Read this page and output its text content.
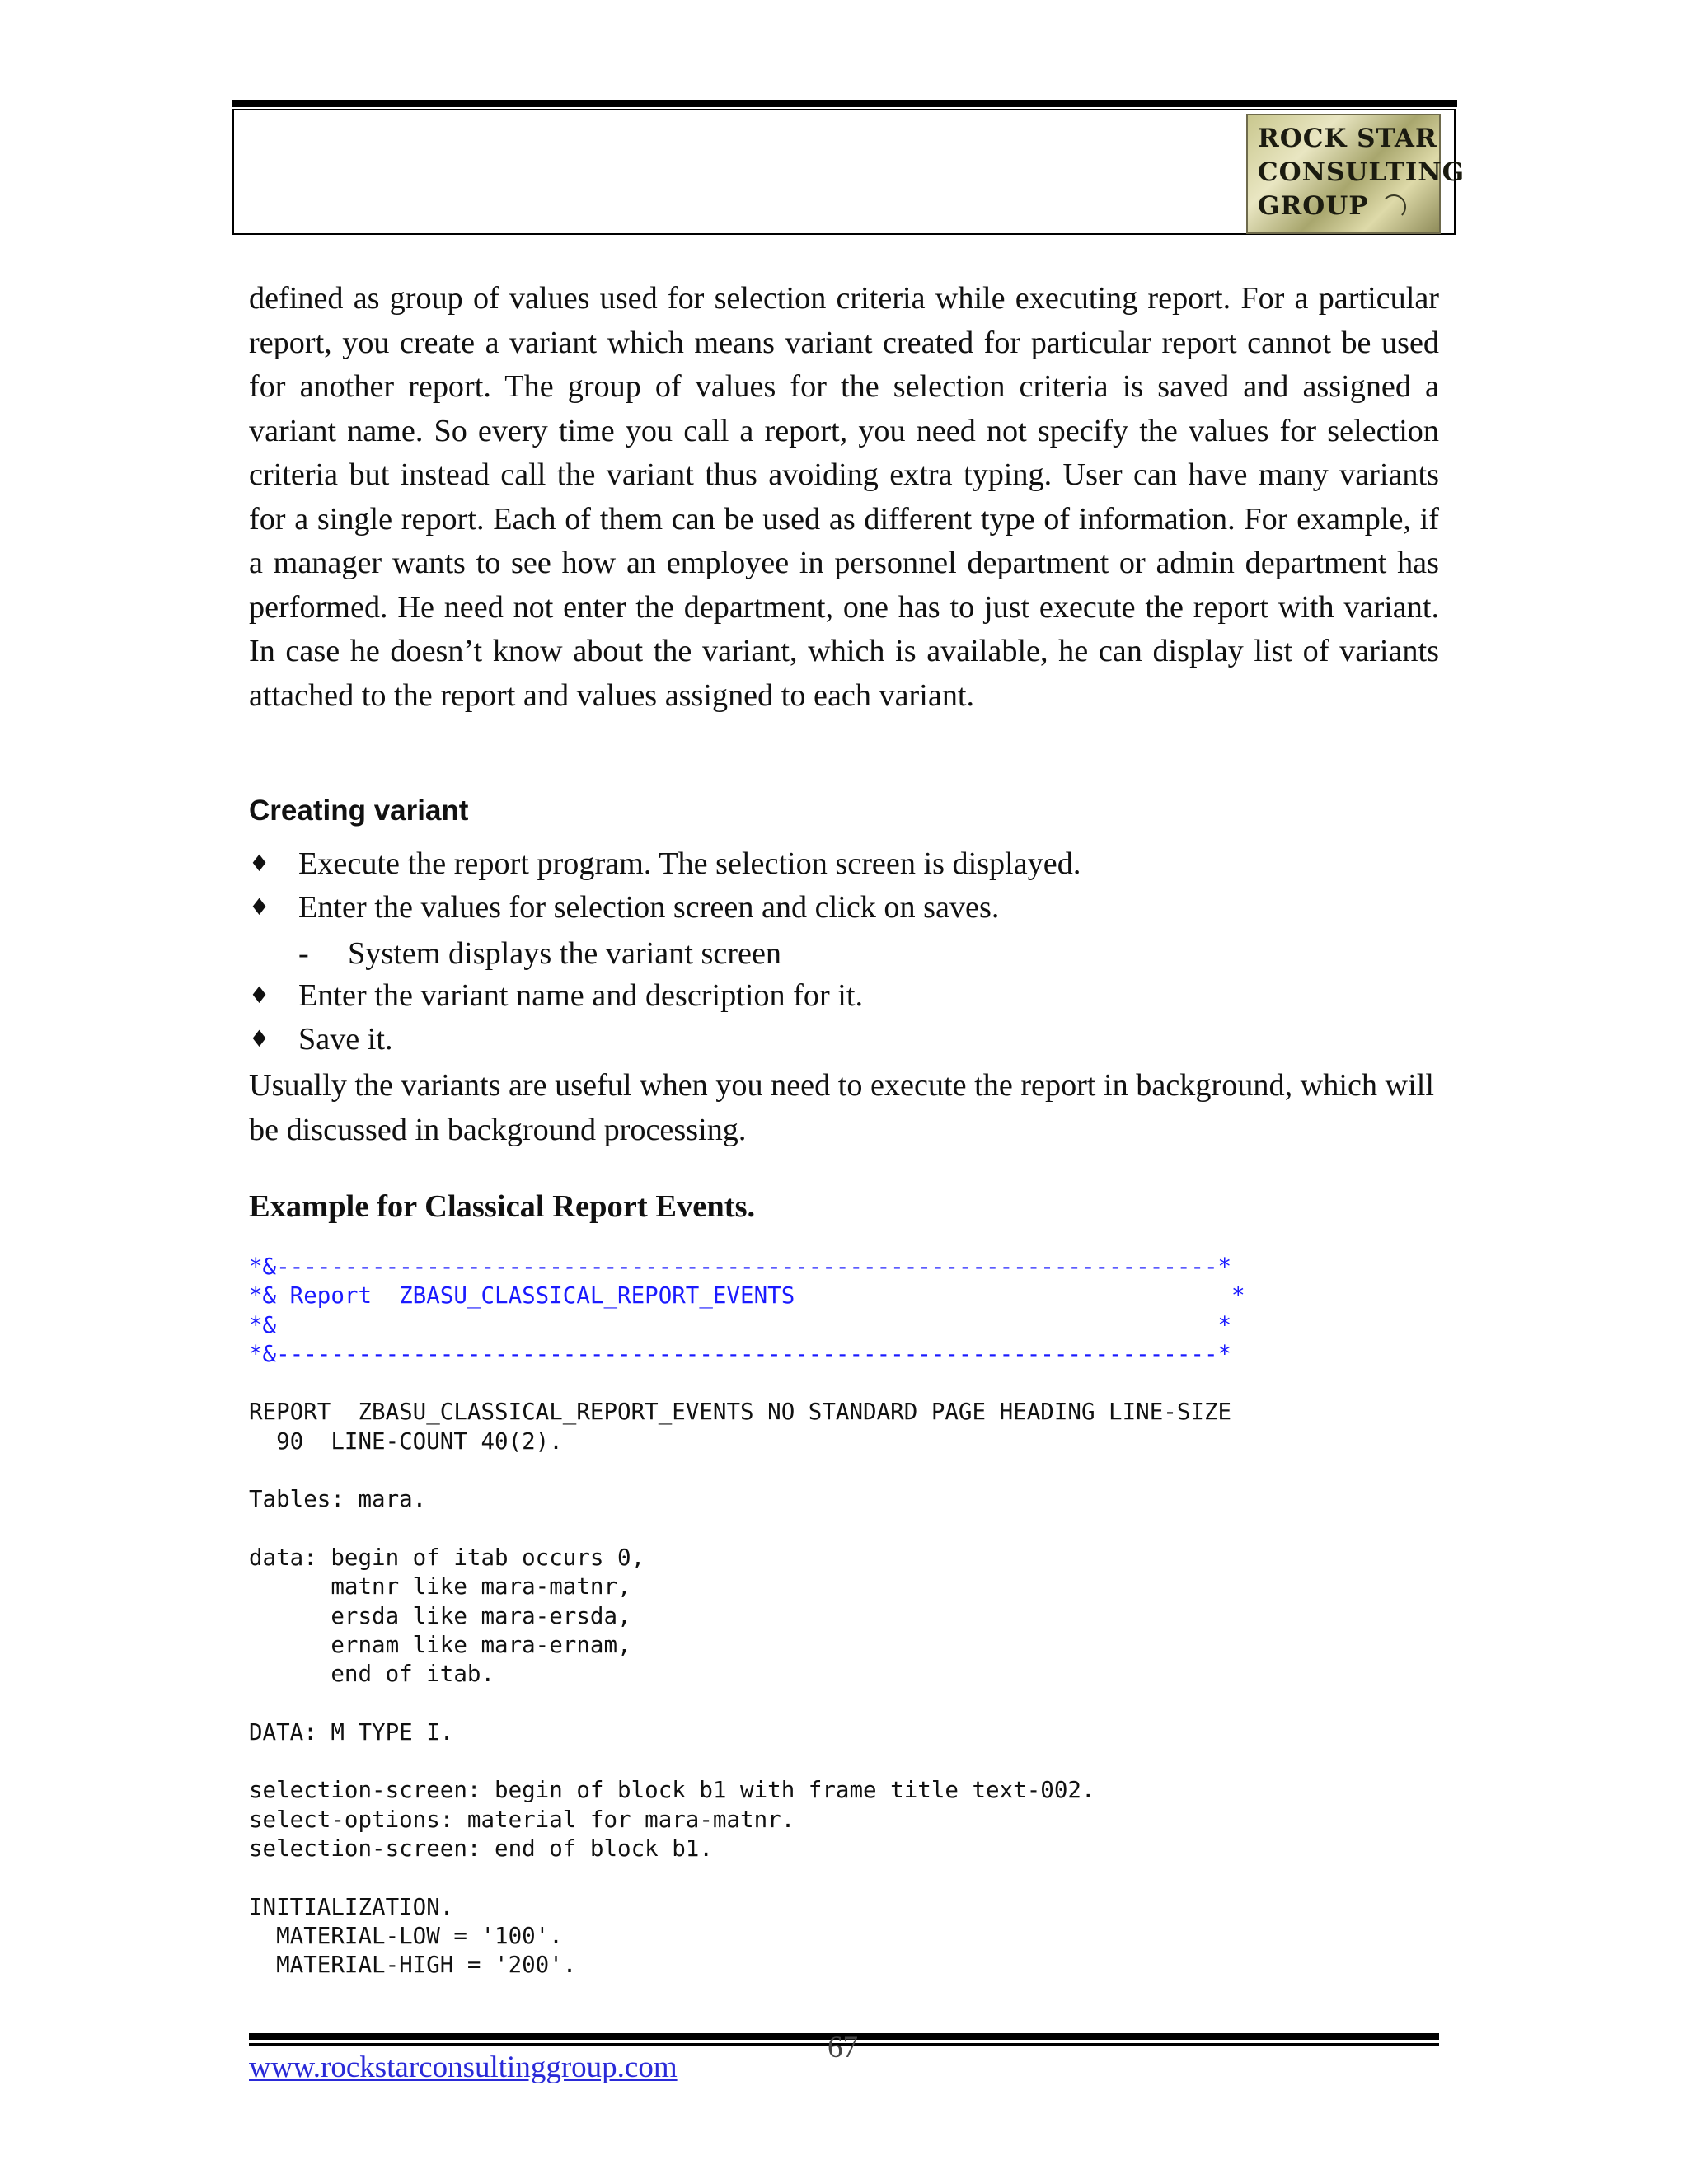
ROCK STAR
CONSULTING
GROUP

defined as group of values used for selection criteria while executing report. For a particular report, you create a variant which means variant created for particular report cannot be used for another report. The group of values for the selection criteria is saved and assigned a variant name. So every time you call a report, you need not specify the values for selection criteria but instead call the variant thus avoiding extra typing. User can have many variants for a single report. Each of them can be used as different type of information. For example, if a manager wants to see how an employee in personnel department or admin department has performed. He need not enter the department, one has to just execute the report with variant. In case he doesn’t know about the variant, which is available, he can display list of variants attached to the report and values assigned to each variant.

Creating variant
♦ Execute the report program. The selection screen is displayed.
♦ Enter the values for selection screen and click on saves.
- System displays the variant screen
♦ Enter the variant name and description for it.
♦ Save it.

Usually the variants are useful when you need to execute the report in background, which will be discussed in background processing.

Example for Classical Report Events.
*&---------------------------------------------------------------------*
*& Report  ZBASU_CLASSICAL_REPORT_EVENTS                                *
*&                                                                     *
*&---------------------------------------------------------------------*

REPORT  ZBASU_CLASSICAL_REPORT_EVENTS NO STANDARD PAGE HEADING LINE-SIZE
90  LINE-COUNT 40(2).

Tables: mara.

data: begin of itab occurs 0,
matnr like mara-matnr,
ersda like mara-ersda,
ernam like mara-ernam,
end of itab.

DATA: M TYPE I.

selection-screen: begin of block b1 with frame title text-002.
select-options: material for mara-matnr.
selection-screen: end of block b1.

INITIALIZATION.
MATERIAL-LOW = '100'.
MATERIAL-HIGH = '200'.
www.rockstarconsultinggroup.com
67
